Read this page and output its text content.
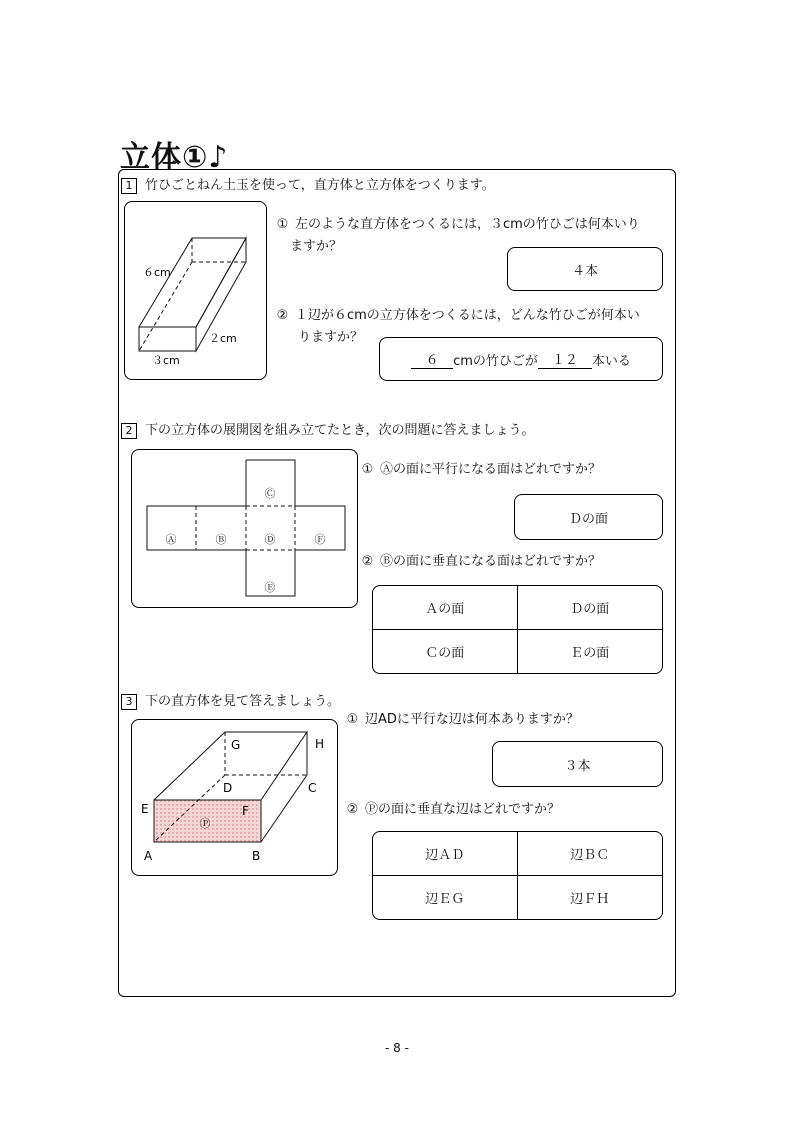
立体①♪
1 竹ひごとねん土玉を使って，直方体と立方体をつくります。
６cm
２cm
３cm
① 左のような直方体をつくるには，３cmの竹ひごは何本いり
ますか？
４本
② １辺が６cmの立方体をつくるには，どんな竹ひごが何本い
りますか？
６	cmの竹ひごが	１２	本いる
2 下の立方体の展開図を組み立てたとき，次の問題に答えましょう。
Ⓒ
Ⓐ	Ⓑ	Ⓓ	Ⓕ
Ⓔ
① Ⓐの面に平行になる面はどれですか？
Ｄの面
② Ⓑの面に垂直になる面はどれですか？
Ａの面	Ｄの面
Ｃの面	Ｅの面
3 下の直方体を見て答えましょう。
G	H
D	C
E	F
A	B
Ⓟ
① 辺ADに平行な辺は何本ありますか？
３本
② Ⓟの面に垂直な辺はどれですか？
辺ＡＤ	辺ＢＣ
辺ＥＧ	辺ＦＨ
- 8 -
